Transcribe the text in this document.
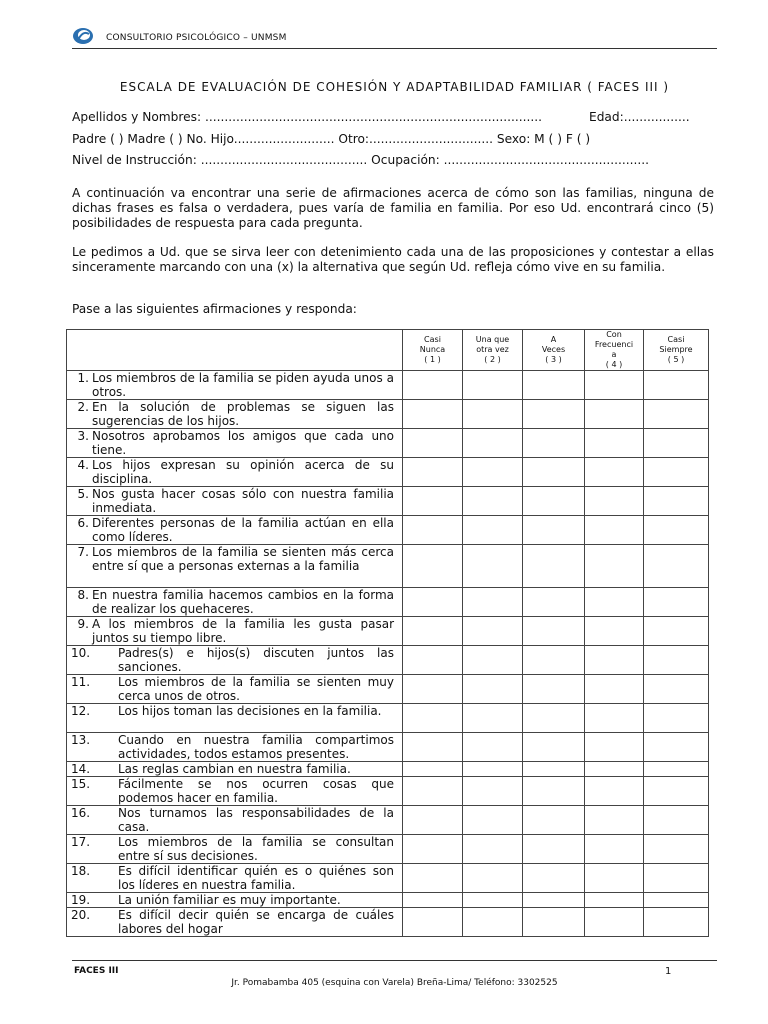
CONSULTORIO PSICOLÓGICO – UNMSM
ESCALA DE EVALUACIÓN DE COHESIÓN Y ADAPTABILIDAD FAMILIAR ( FACES III )
Apellidos y Nombres: .......................................................................................	Edad:.................
Padre ( ) Madre ( ) No. Hijo.......................... Otro:................................ Sexo: M ( ) F ( )
Nivel de Instrucción: ........................................... Ocupación: .....................................................
A continuación va encontrar una serie de afirmaciones acerca de cómo son las familias, ninguna de dichas frases es falsa o verdadera, pues varía de familia en familia. Por eso Ud. encontrará cinco (5) posibilidades de respuesta para cada pregunta.
Le pedimos a Ud. que se sirva leer con detenimiento cada una de las proposiciones y contestar a ellas sinceramente marcando con una (x) la alternativa que según Ud. refleja cómo vive en su familia.
Pase a las siguientes afirmaciones y responda:
	Casi
Nunca
( 1 )	Una que
otra vez
( 2 )	A
Veces
( 3 )	Con
Frecuenci
a
( 4 )	Casi
Siempre
( 5 )

1. Los miembros de la familia se piden ayuda unos a otros.					

2. En la solución de problemas se siguen las sugerencias de los hijos.					

3. Nosotros aprobamos los amigos que cada uno tiene.					

4. Los hijos expresan su opinión acerca de su disciplina.					

5. Nos gusta hacer cosas sólo con nuestra familia inmediata.					

6. Diferentes personas de la familia actúan en ella como líderes.					

7. Los miembros de la familia se sienten más cerca entre sí que a personas externas a la familia					

8. En nuestra familia hacemos cambios en la forma de realizar los quehaceres.					

9. A los miembros de la familia les gusta pasar juntos su tiempo libre.					

10. Padres(s) e hijos(s) discuten juntos las sanciones.					

11. Los miembros de la familia se sienten muy cerca unos de otros.					

12. Los hijos toman las decisiones en la familia.					

13. Cuando en nuestra familia compartimos actividades, todos estamos presentes.					

14. Las reglas cambian en nuestra familia.					

15. Fácilmente se nos ocurren cosas que podemos hacer en familia.					

16. Nos turnamos las responsabilidades de la casa.					

17. Los miembros de la familia se consultan entre sí sus decisiones.					

18. Es difícil identificar quién es o quiénes son los líderes en nuestra familia.					

19. La unión familiar es muy importante.					

20. Es difícil decir quién se encarga de cuáles labores del hogar					

FACES III	1
Jr. Pomabamba 405 (esquina con Varela) Breña-Lima/ Teléfono: 3302525
